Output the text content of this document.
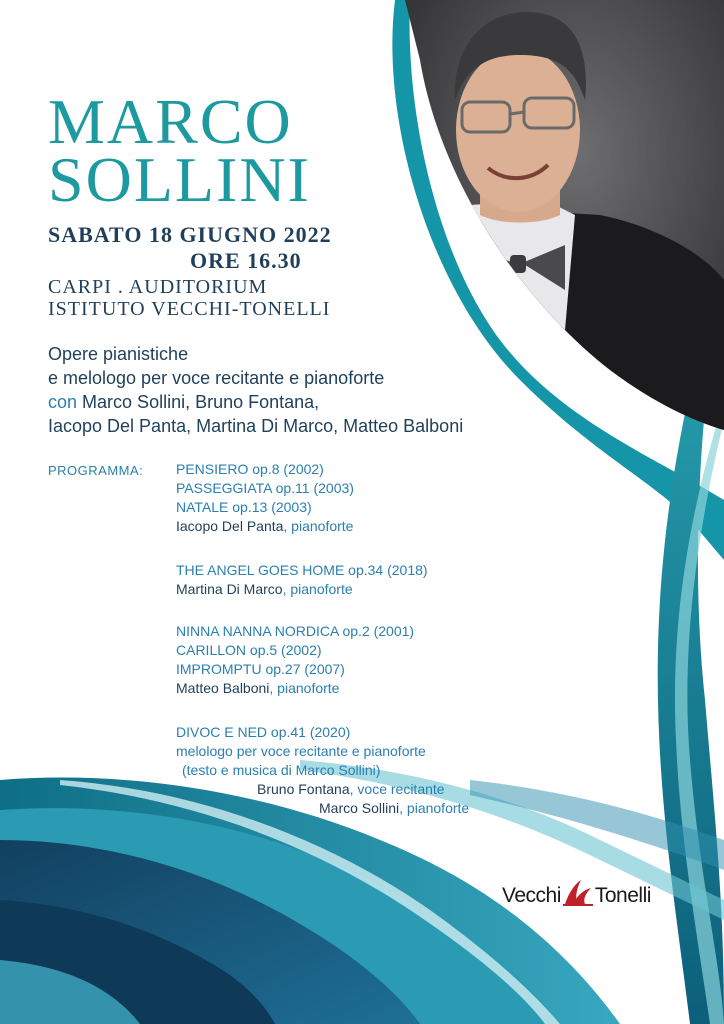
MARCO
SOLLINI
SABATO 18 GIUGNO 2022
ORE 16.30
CARPI . AUDITORIUM
ISTITUTO VECCHI-TONELLI
Opere pianistiche
e melologo per voce recitante e pianoforte
con Marco Sollini, Bruno Fontana,
Iacopo Del Panta, Martina Di Marco, Matteo Balboni
PROGRAMMA: PENSIERO op.8 (2002)
PASSEGGIATA op.11 (2003)
NATALE op.13 (2003)
Iacopo Del Panta, pianoforte
THE ANGEL GOES HOME op.34 (2018)
Martina Di Marco, pianoforte
NINNA NANNA NORDICA op.2 (2001)
CARILLON op.5 (2002)
IMPROMPTU op.27 (2007)
Matteo Balboni, pianoforte
DIVOC E NED op.41 (2020)
melologo per voce recitante e pianoforte
(testo e musica di Marco Sollini)
Bruno Fontana, voce recitante
Marco Sollini, pianoforte
Vecchi Tonelli
